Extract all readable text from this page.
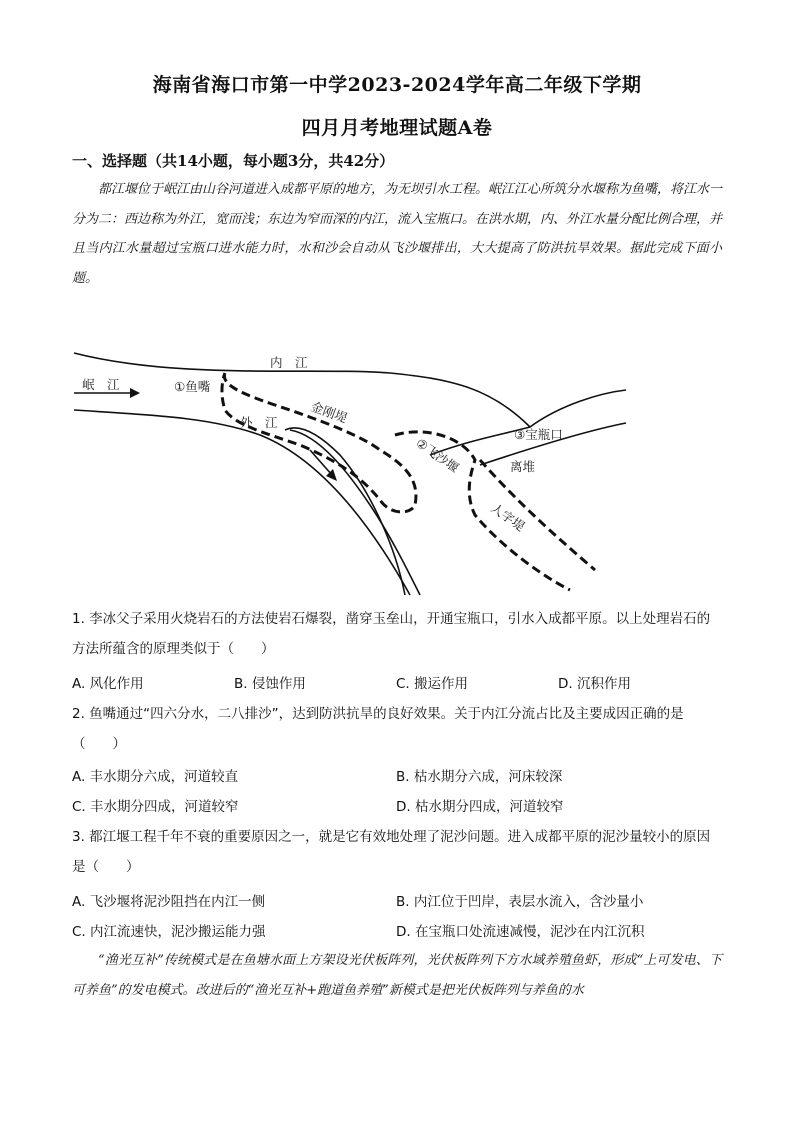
海南省海口市第一中学2023-2024学年高二年级下学期
四月月考地理试题A卷
一、选择题（共14小题，每小题3分，共42分）
都江堰位于岷江由山谷河道进入成都平原的地方，为无坝引水工程。岷江江心所筑分水堰称为鱼嘴，将江水一分为二：西边称为外江，宽而浅；东边为窄而深的内江，流入宝瓶口。在洪水期，内、外江水量分配比例合理，并且当内江水量超过宝瓶口进水能力时，水和沙会自动从飞沙堰排出，大大提高了防洪抗旱效果。据此完成下面小题。
内　江
岷　江	①鱼嘴
金刚堤
外　江
②飞沙堰
③宝瓶口
离堆
人字堤
1. 李冰父子采用火烧岩石的方法使岩石爆裂，凿穿玉垒山，开通宝瓶口，引水入成都平原。以上处理岩石的方法所蕴含的原理类似于（　　）
A. 风化作用	B. 侵蚀作用	C. 搬运作用	D. 沉积作用
2. 鱼嘴通过“四六分水，二八排沙”，达到防洪抗旱的良好效果。关于内江分流占比及主要成因正确的是（　　）
A. 丰水期分六成，河道较直	B. 枯水期分六成，河床较深
C. 丰水期分四成，河道较窄	D. 枯水期分四成，河道较窄
3. 都江堰工程千年不衰的重要原因之一，就是它有效地处理了泥沙问题。进入成都平原的泥沙量较小的原因是（　　）
A. 飞沙堰将泥沙阻挡在内江一侧	B. 内江位于凹岸，表层水流入，含沙量小
C. 内江流速快，泥沙搬运能力强	D. 在宝瓶口处流速减慢，泥沙在内江沉积
“渔光互补”传统模式是在鱼塘水面上方架设光伏板阵列，光伏板阵列下方水域养殖鱼虾，形成“上可发电、下可养鱼”的发电模式。改进后的“渔光互补+跑道鱼养殖”新模式是把光伏板阵列与养鱼的水
